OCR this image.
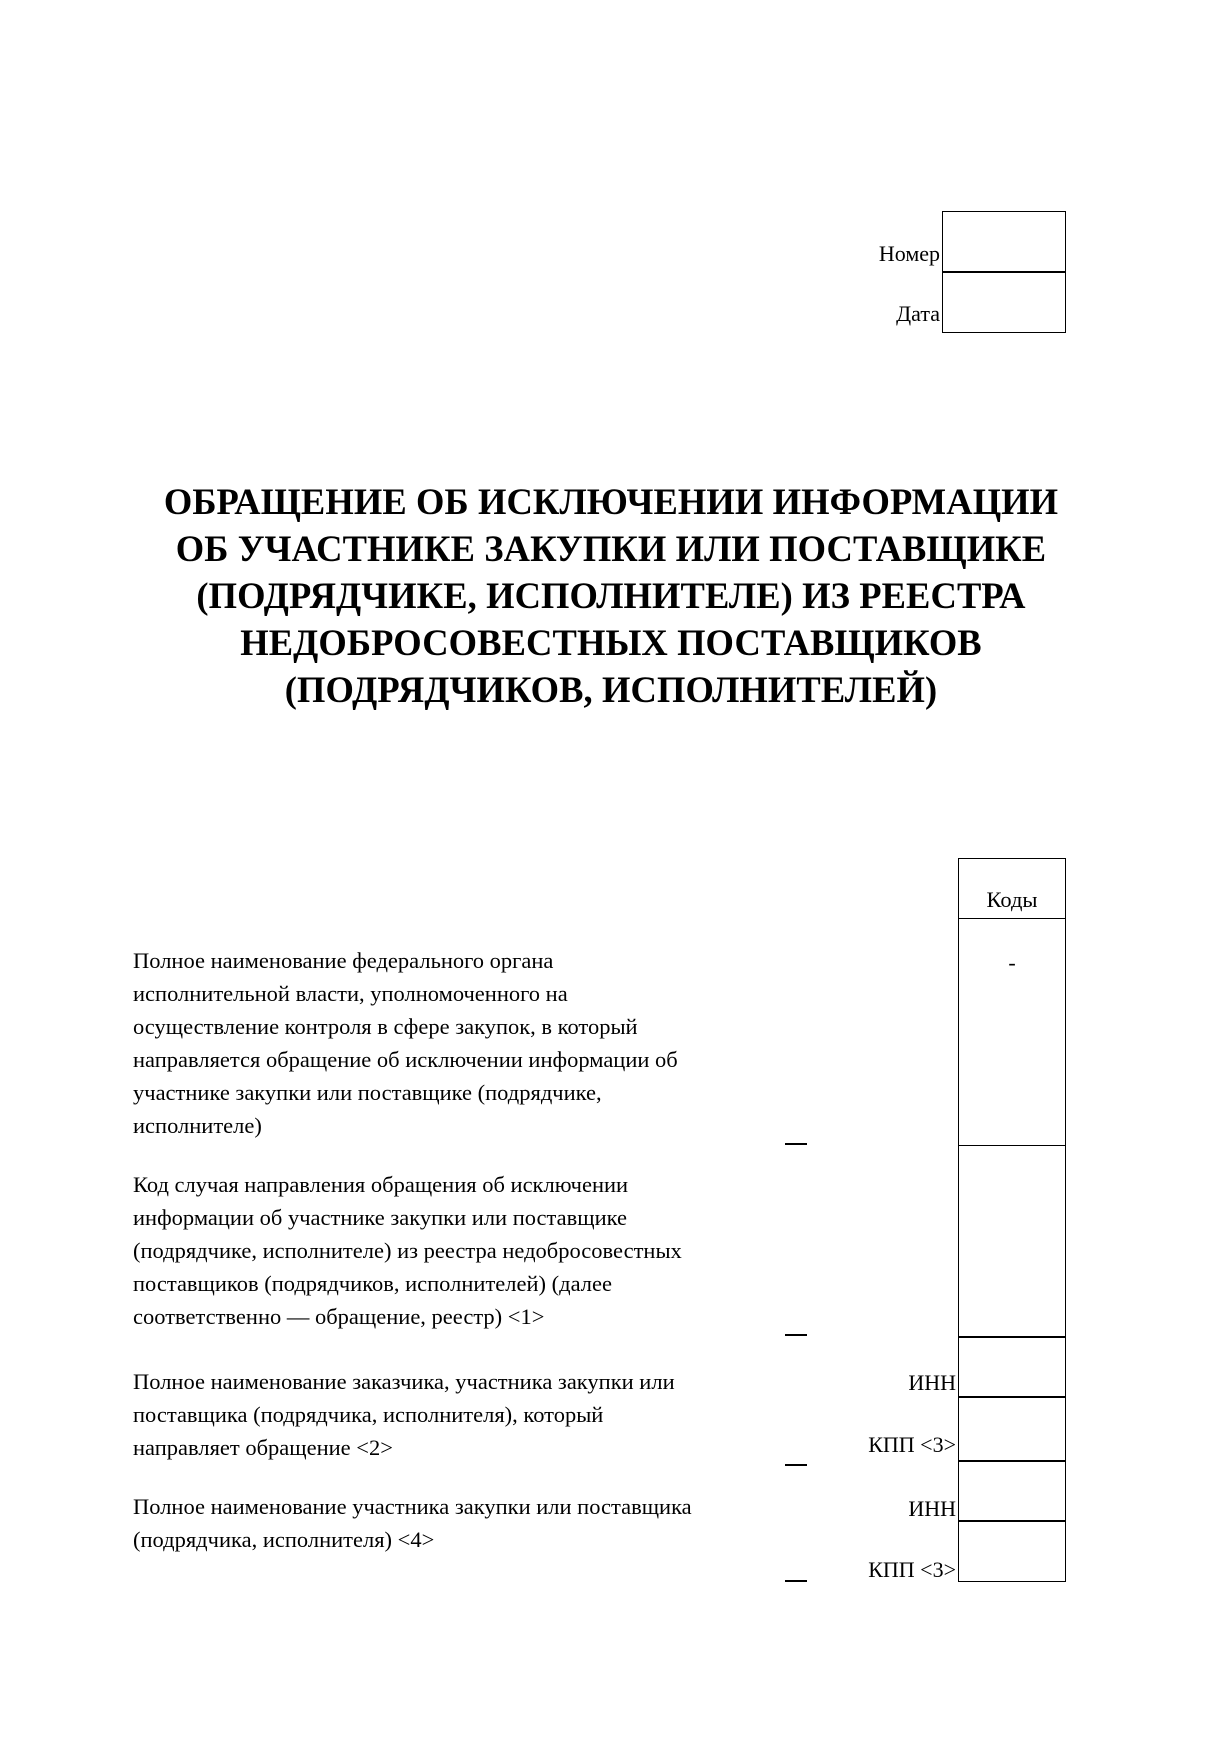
Номер
Дата
ОБРАЩЕНИЕ ОБ ИСКЛЮЧЕНИИ ИНФОРМАЦИИ
ОБ УЧАСТНИКЕ ЗАКУПКИ ИЛИ ПОСТАВЩИКЕ
(ПОДРЯДЧИКЕ, ИСПОЛНИТЕЛЕ) ИЗ РЕЕСТРА
НЕДОБРОСОВЕСТНЫХ ПОСТАВЩИКОВ
(ПОДРЯДЧИКОВ, ИСПОЛНИТЕЛЕЙ)
Коды
-
Полное наименование федерального органа
исполнительной власти, уполномоченного на
осуществление контроля в сфере закупок, в который
направляется обращение об исключении информации об
участнике закупки или поставщике (подрядчике,
исполнителе)
Код случая направления обращения об исключении
информации об участнике закупки или поставщике
(подрядчике, исполнителе) из реестра недобросовестных
поставщиков (подрядчиков, исполнителей) (далее
соответственно — обращение, реестр) <1>
Полное наименование заказчика, участника закупки или
поставщика (подрядчика, исполнителя), который
направляет обращение <2>
ИНН
КПП <3>
Полное наименование участника закупки или поставщика
(подрядчика, исполнителя) <4>
ИНН
КПП <3>
